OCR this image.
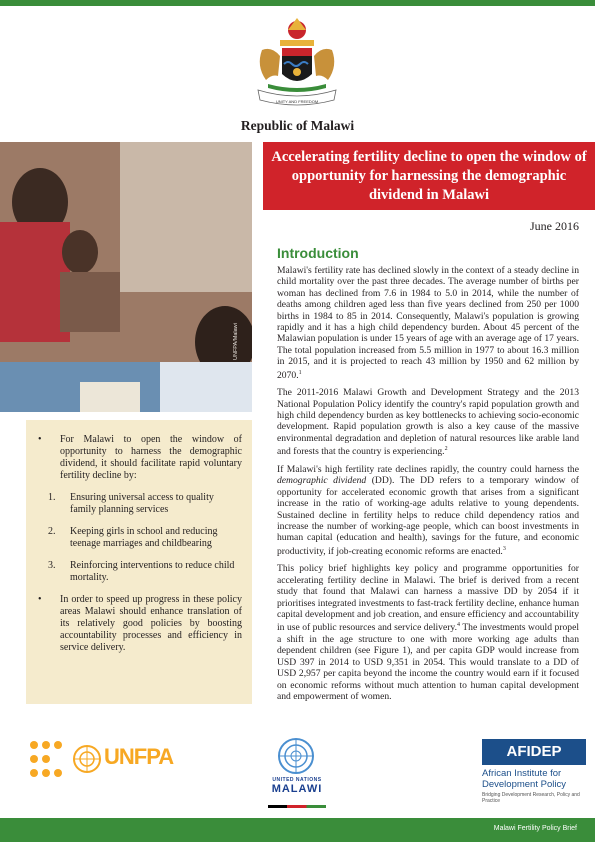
UNITY AND FREEDOM
Republic of Malawi
UNFPA/Malawi
Accelerating fertility decline to open the window of opportunity for harnessing the demographic dividend in Malawi
June 2016
Introduction

Malawi's fertility rate has declined slowly in the context of a steady decline in child mortality over the past three decades. The average number of births per woman has declined from 7.6 in 1984 to 5.0 in 2014, while the number of deaths among children aged less than five years declined from 250 per 1000 births in 1984 to 85 in 2014. Consequently, Malawi's population is growing rapidly and it has a high child dependency burden. About 45 percent of the Malawian population is under 15 years of age with an average age of 17 years. The total population increased from 5.5 million in 1977 to about 16.3 million in 2015, and it is projected to reach 43 million by 1950 and 62 million by 2070.$^1$

The 2011-2016 Malawi Growth and Development Strategy and the 2013 National Population Policy identify the country's rapid population growth and high child dependency burden as key bottlenecks to achieving socio-economic development. Rapid population growth is also a key cause of the massive environmental degradation and depletion of natural resources like arable land and forests that the country is experiencing.$^2$

If Malawi's high fertility rate declines rapidly, the country could harness the demographic dividend (DD). The DD refers to a temporary window of opportunity for accelerated economic growth that arises from a significant increase in the ratio of working-age adults relative to young dependents. Sustained decline in fertility helps to reduce child dependency ratios and increase the number of working-age people, which can boost investments in human capital (education and health), savings for the future, and economic productivity, if job-creating economic reforms are enacted.$^3$

This policy brief highlights key policy and programme opportunities for accelerating fertility decline in Malawi. The brief is derived from a recent study that found that Malawi can harness a massive DD by 2054 if it prioritises integrated investments to fast-track fertility decline, enhance human capital development and job creation, and ensure efficiency and accountability in use of public resources and service delivery.$^4$ The investments would propel a shift in the age structure to one with more working age adults than dependent children (see Figure 1), and per capita GDP would increase from USD 397 in 2014 to USD 9,351 in 2054. This would translate to a DD of USD 2,957 per capita beyond the income the country would earn if it focused on economic reforms without much attention to human capital development and empowerment of women.

• For Malawi to open the window of opportunity to harness the demographic dividend, it should facilitate rapid voluntary fertility decline by:
1. Ensuring universal access to quality family planning services
2. Keeping girls in school and reducing teenage marriages and childbearing
3. Reinforcing interventions to reduce child mortality.
• In order to speed up progress in these policy areas Malawi should enhance translation of its relatively good policies by boosting accountability processes and efficiency in service delivery.
UNFPA
UNITED NATIONS
MALAWI
AFIDEP
African Institute for Development Policy
Bridging Development Research, Policy and Practice
Malawi Fertility Policy Brief
